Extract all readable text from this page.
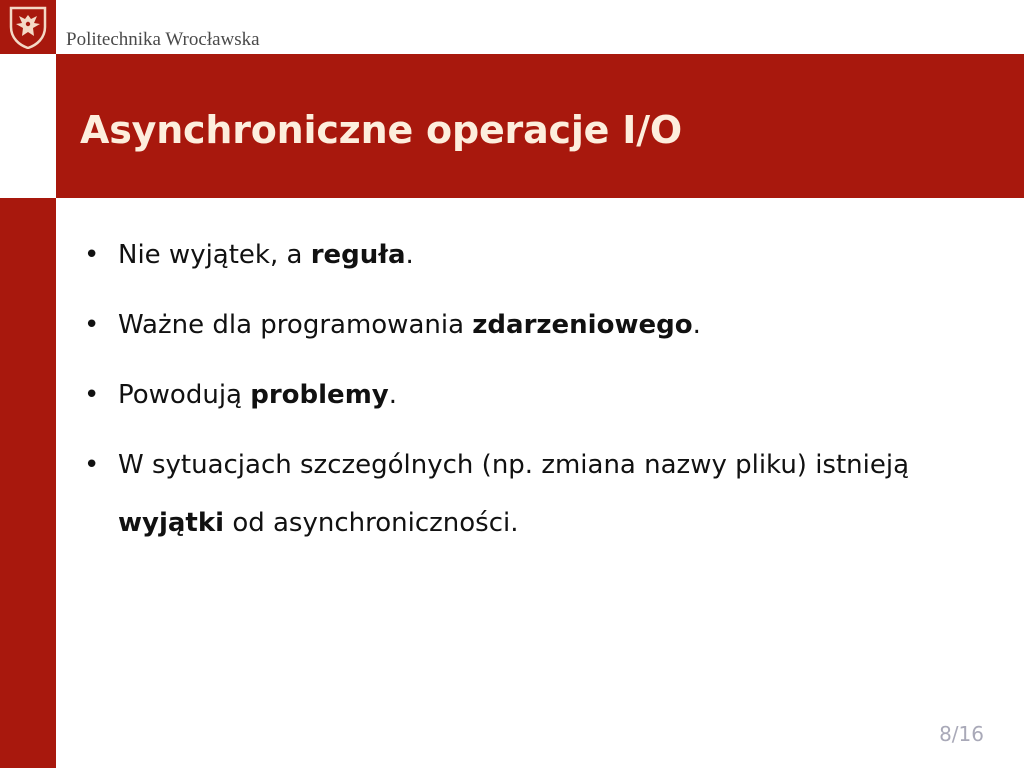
Politechnika Wrocławska
Asynchroniczne operacje I/O
• Nie wyjątek, a reguła.
• Ważne dla programowania zdarzeniowego.
• Powodują problemy.
• W sytuacjach szczególnych (np. zmiana nazwy pliku) istnieją wyjątki od asynchroniczności.
8/16
